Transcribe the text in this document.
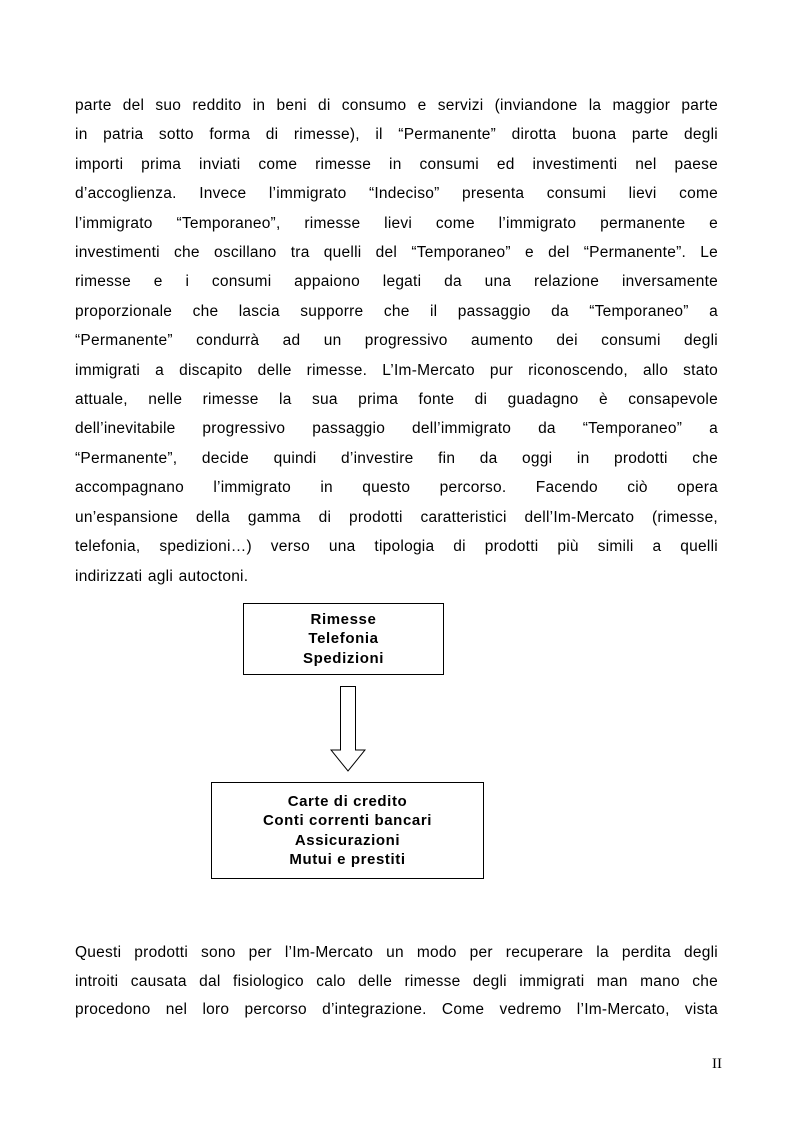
parte del suo reddito in beni di consumo e servizi (inviandone la maggior parte
in patria sotto forma di rimesse), il “Permanente” dirotta buona parte degli
importi prima inviati come rimesse in consumi ed investimenti nel paese
d’accoglienza. Invece l’immigrato “Indeciso” presenta consumi lievi come
l’immigrato “Temporaneo”, rimesse lievi come l’immigrato permanente e
investimenti che oscillano tra quelli del “Temporaneo” e del “Permanente”. Le
rimesse e i consumi appaiono legati da una relazione inversamente
proporzionale che lascia supporre che il passaggio da “Temporaneo” a
“Permanente” condurrà ad un progressivo aumento dei consumi degli
immigrati a discapito delle rimesse. L’Im-Mercato pur riconoscendo, allo stato
attuale, nelle rimesse la sua prima fonte di guadagno è consapevole
dell’inevitabile progressivo passaggio dell’immigrato da “Temporaneo” a
“Permanente”, decide quindi d’investire fin da oggi in prodotti che
accompagnano l’immigrato in questo percorso. Facendo ciò opera
un’espansione della gamma di prodotti caratteristici dell’Im-Mercato (rimesse,
telefonia, spedizioni…) verso una tipologia di prodotti più simili a quelli
indirizzati agli autoctoni.
Rimesse
Telefonia
Spedizioni
Carte di credito
Conti correnti bancari
Assicurazioni
Mutui e prestiti
Questi prodotti sono per l’Im-Mercato un modo per recuperare la perdita degli
introiti causata dal fisiologico calo delle rimesse degli immigrati man mano che
procedono nel loro percorso d’integrazione. Come vedremo l’Im-Mercato, vista
II
